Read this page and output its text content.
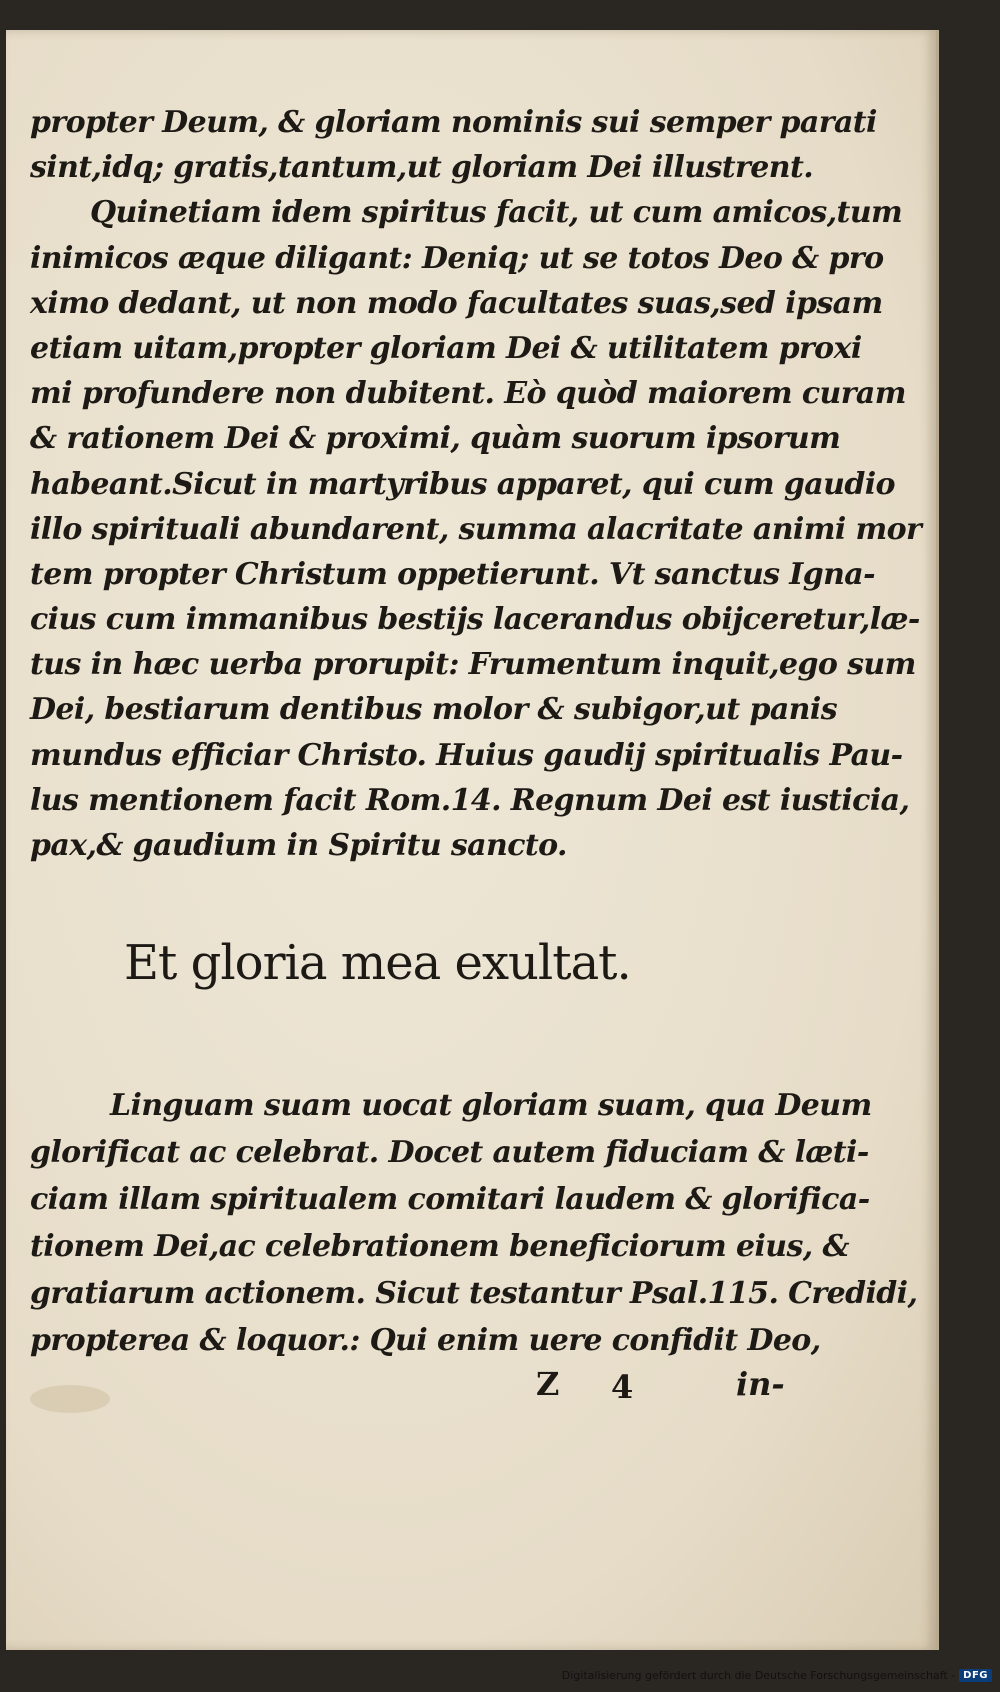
propter Deum, & gloriam nominis sui semper parati
sint,idq; gratis,tantum,ut gloriam Dei illustrent.
Quinetiam idem spiritus facit, ut cum amicos,tum
inimicos æque diligant: Deniq; ut se totos Deo & pro
ximo dedant, ut non modo facultates suas,sed ipsam
etiam uitam,propter gloriam Dei & utilitatem proxi
mi profundere non dubitent. Eò quòd maiorem curam
& rationem Dei & proximi, quàm suorum ipsorum
habeant.Sicut in martyribus apparet, qui cum gaudio
illo spirituali abundarent, summa alacritate animi mor
tem propter Christum oppetierunt. Vt sanctus Igna-
cius cum immanibus bestijs lacerandus obijceretur,læ-
tus in hæc uerba prorupit: Frumentum inquit,ego sum
Dei, bestiarum dentibus molor & subigor,ut panis
mundus efficiar Christo. Huius gaudij spiritualis Pau-
lus mentionem facit Rom.14. Regnum Dei est iusticia,
pax,& gaudium in Spiritu sancto.
Et gloria mea exultat.
Linguam suam uocat gloriam suam, qua Deum
glorificat ac celebrat. Docet autem fiduciam & læti-
ciam illam spiritualem comitari laudem & glorifica-
tionem Dei,ac celebrationem beneficiorum eius, &
gratiarum actionem. Sicut testantur Psal.115. Credidi,
propterea & loquor.: Qui enim uere confidit Deo,
Z 4	in-
Digitalisierung gefördert durch die Deutsche Forschungsgemeinschaft - DFG
